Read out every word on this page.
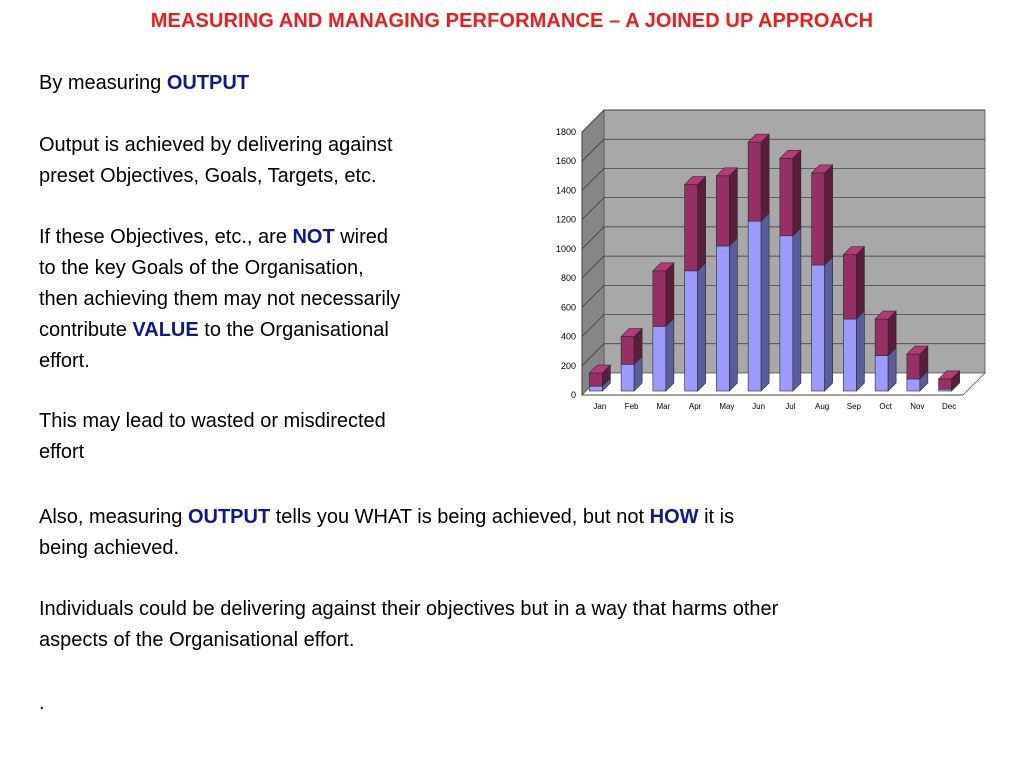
MEASURING AND MANAGING PERFORMANCE – A JOINED UP APPROACH

By measuring OUTPUT

Output is achieved by delivering against
preset Objectives, Goals, Targets, etc.

If these Objectives, etc., are NOT wired
to the key Goals of the Organisation,
then achieving them may not necessarily
contribute VALUE to the Organisational
effort.

This may lead to wasted or misdirected
effort

Also, measuring OUTPUT tells you WHAT is being achieved, but not HOW it is
being achieved.

Individuals could be delivering against their objectives but in a way that harms other
aspects of the Organisational effort.

.

0
200
400
600
800
1000
1200
1400
1600
1800
Jan Feb Mar Apr May Jun	Jul Aug Sep Oct Nov Dec
